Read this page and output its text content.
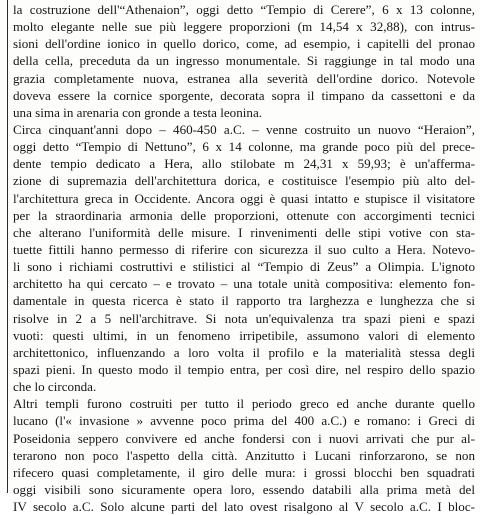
la costruzione dell'“Athenaion”, oggi detto “Tempio di Cerere”, 6 x 13 colonne,
molto elegante nelle sue più leggere proporzioni (m 14,54 x 32,88), con intrus-
sioni dell'ordine ionico in quello dorico, come, ad esempio, i capitelli del pronao
della cella, preceduta da un ingresso monumentale. Si raggiunge in tal modo una
grazia completamente nuova, estranea alla severità dell'ordine dorico. Notevole
doveva essere la cornice sporgente, decorata sopra il timpano da cassettoni e da
una sima in arenaria con gronde a testa leonina.
Circa cinquant'anni dopo – 460-450 a.C. – venne costruito un nuovo “Heraion”,
oggi detto “Tempio di Nettuno”, 6 x 14 colonne, ma grande poco più del prece-
dente tempio dedicato a Hera, allo stilobate m 24,31 x 59,93; è un'afferma-
zione di supremazia dell'architettura dorica, e costituisce l'esempio più alto del-
l'architettura greca in Occidente. Ancora oggi è quasi intatto e stupisce il visitatore
per la straordinaria armonia delle proporzioni, ottenute con accorgimenti tecnici
che alterano l'uniformità delle misure. I rinvenimenti delle stipi votive con sta-
tuette fittili hanno permesso di riferire con sicurezza il suo culto a Hera. Notevo-
li sono i richiami costruttivi e stilistici al “Tempio di Zeus” a Olimpia. L'ignoto
architetto ha qui cercato – e trovato – una totale unità compositiva: elemento fon-
damentale in questa ricerca è stato il rapporto tra larghezza e lunghezza che si
risolve in 2 a 5 nell'architrave. Si nota un'equivalenza tra spazi pieni e spazi
vuoti: questi ultimi, in un fenomeno irripetibile, assumono valori di elemento
architettonico, influenzando a loro volta il profilo e la materialità stessa degli
spazi pieni. In questo modo il tempio entra, per così dire, nel respiro dello spazio
che lo circonda.
Altri templi furono costruiti per tutto il periodo greco ed anche durante quello
lucano (l'« invasione » avvenne poco prima del 400 a.C.) e romano: i Greci di
Poseidonia seppero convivere ed anche fondersi con i nuovi arrivati che pur al-
terarono non poco l'aspetto della città. Anzitutto i Lucani rinforzarono, se non
rifecero quasi completamente, il giro delle mura: i grossi blocchi ben squadrati
oggi visibili sono sicuramente opera loro, essendo databili alla prima metà del
IV secolo a.C. Solo alcune parti del lato ovest risalgono al V secolo a.C. I bloc-
